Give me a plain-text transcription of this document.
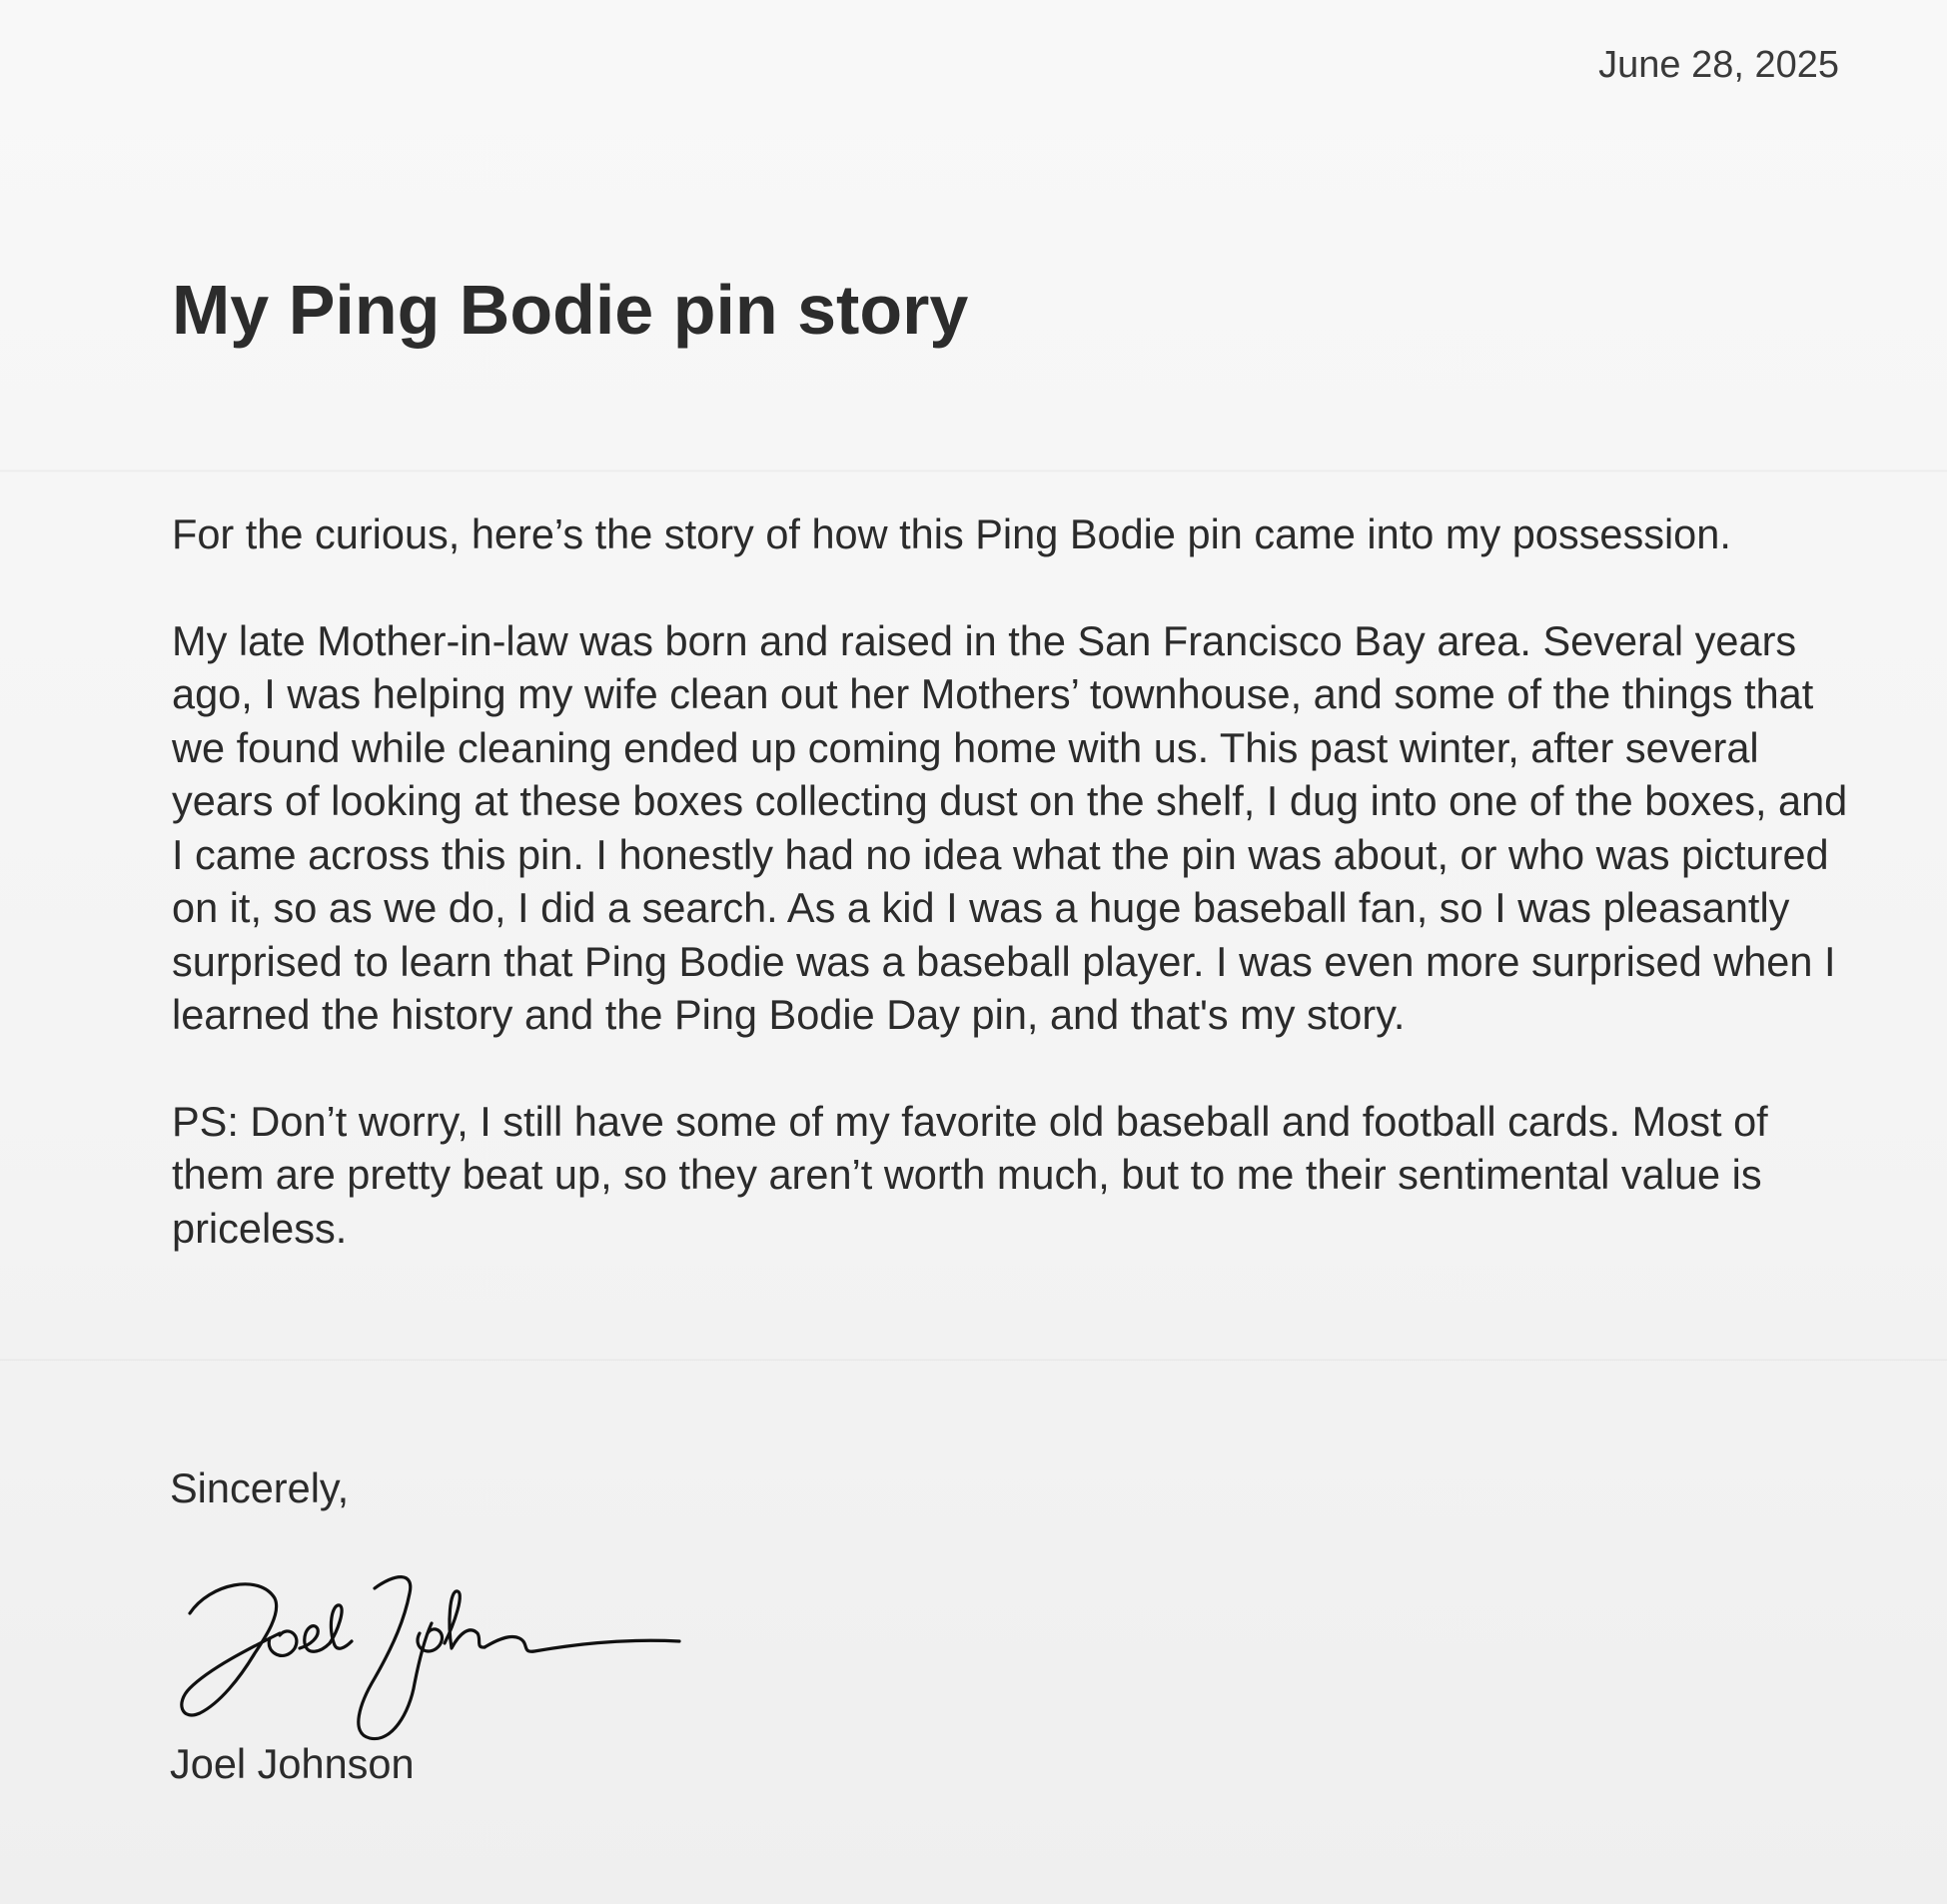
June 28, 2025
My Ping Bodie pin story

For the curious, here’s the story of how this Ping Bodie pin came into my possession.

My late Mother-in-law was born and raised in the San Francisco Bay area. Several years ago, I was helping my wife clean out her Mothers’ townhouse, and some of the things that we found while cleaning ended up coming home with us. This past winter, after several years of looking at these boxes collecting dust on the shelf, I dug into one of the boxes, and I came across this pin. I honestly had no idea what the pin was about, or who was pictured on it, so as we do, I did a search. As a kid I was a huge baseball fan, so I was pleasantly surprised to learn that Ping Bodie was a baseball player. I was even more surprised when I learned the history and the Ping Bodie Day pin, and that's my story.

PS: Don’t worry, I still have some of my favorite old baseball and football cards. Most of them are pretty beat up, so they aren’t worth much, but to me their sentimental value is priceless.

Sincerely,
Joel Johnson
